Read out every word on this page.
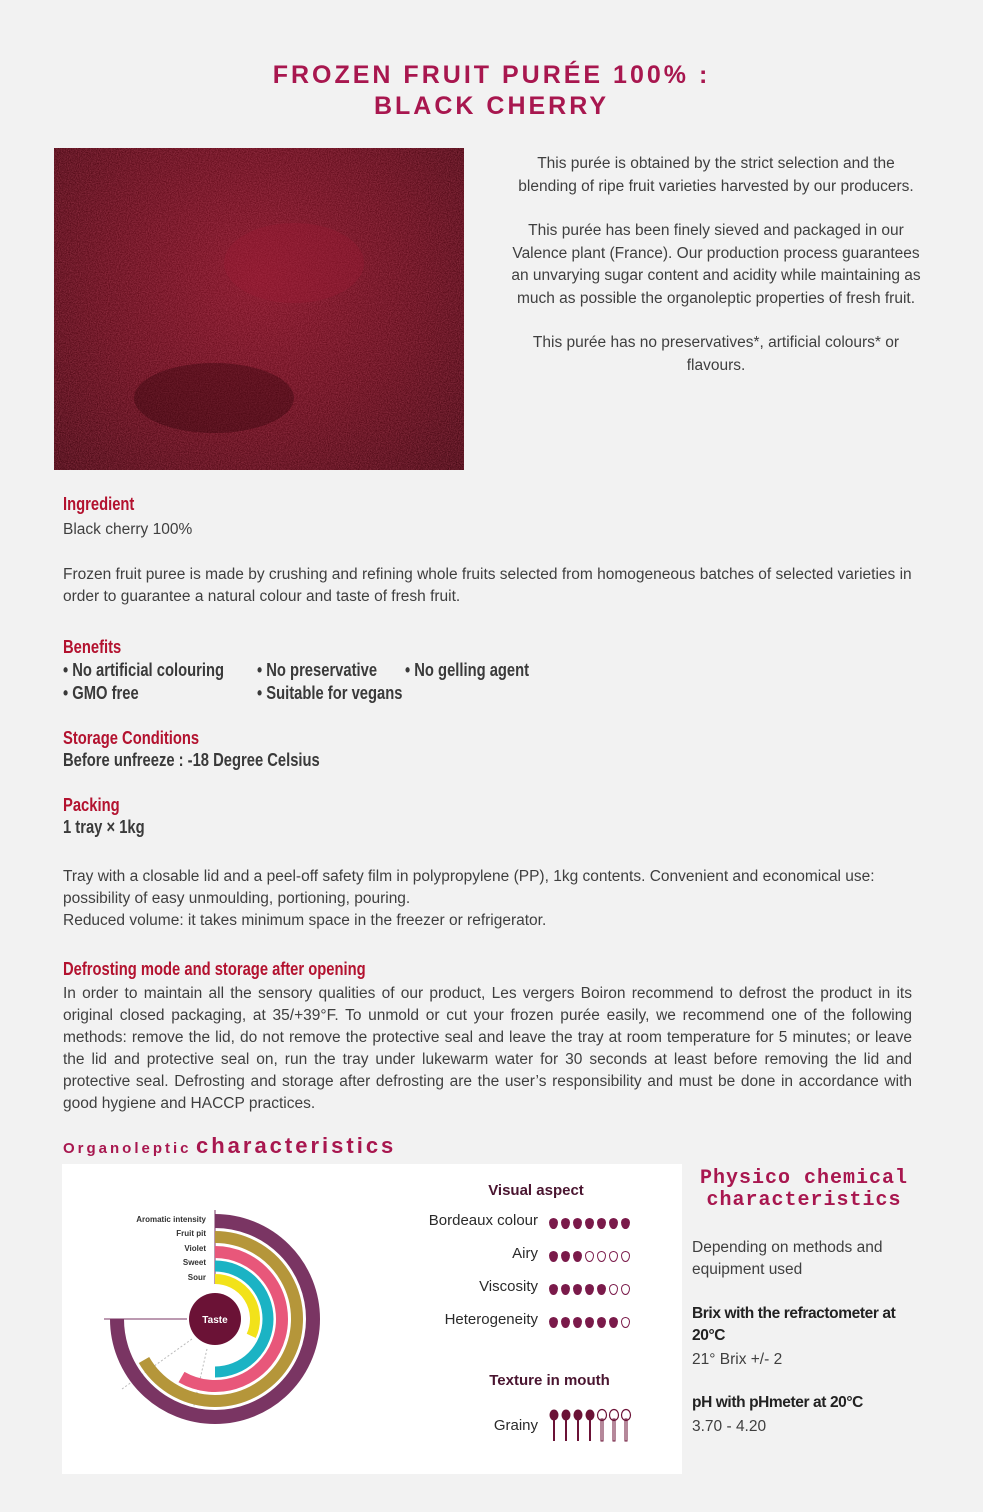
FROZEN FRUIT PURÉE 100% :
BLACK CHERRY

This purée is obtained by the strict selection and the blending of ripe fruit varieties harvested by our producers.

This purée has been finely sieved and packaged in our Valence plant (France). Our production process guarantees an unvarying sugar content and acidity while maintaining as much as possible the organoleptic properties of fresh fruit.

This purée has no preservatives*, artificial colours* or flavours.

Ingredient
Black cherry 100%
Frozen fruit puree is made by crushing and refining whole fruits selected from homogeneous batches of selected varieties in order to guarantee a natural colour and taste of fresh fruit.
Benefits
• No artificial colouring • No preservative • No gelling agent
• GMO free	• Suitable for vegans
Storage Conditions
Before unfreeze : -18 Degree Celsius
Packing
1 tray × 1kg
Tray with a closable lid and a peel-off safety film in polypropylene (PP), 1kg contents. Convenient and economical use: possibility of easy unmoulding, portioning, pouring.
Reduced volume: it takes minimum space in the freezer or refrigerator.
Defrosting mode and storage after opening
In order to maintain all the sensory qualities of our product, Les vergers Boiron recommend to defrost the product in its original closed packaging, at 35/+39°F. To unmold or cut your frozen purée easily, we recommend one of the following methods: remove the lid, do not remove the protective seal and leave the tray at room temperature for 5 minutes; or leave the lid and protective seal on, run the tray under lukewarm water for 30 seconds at least before removing the lid and protective seal. Defrosting and storage after defrosting are the user’s responsibility and must be done in accordance with good hygiene and HACCP practices.
Organoleptic characteristics
Taste
Aromatic intensity
Fruit pit
Violet
Sweet
Sour
Visual aspect
Bordeaux colour
Airy
Viscosity
Heterogeneity
Texture in mouth
Grainy
Physico chemical characteristics
Depending on methods and equipment used
Brix with the refractometer at 20°C
21° Brix +/- 2
pH with pHmeter at 20°C
3.70 - 4.20
